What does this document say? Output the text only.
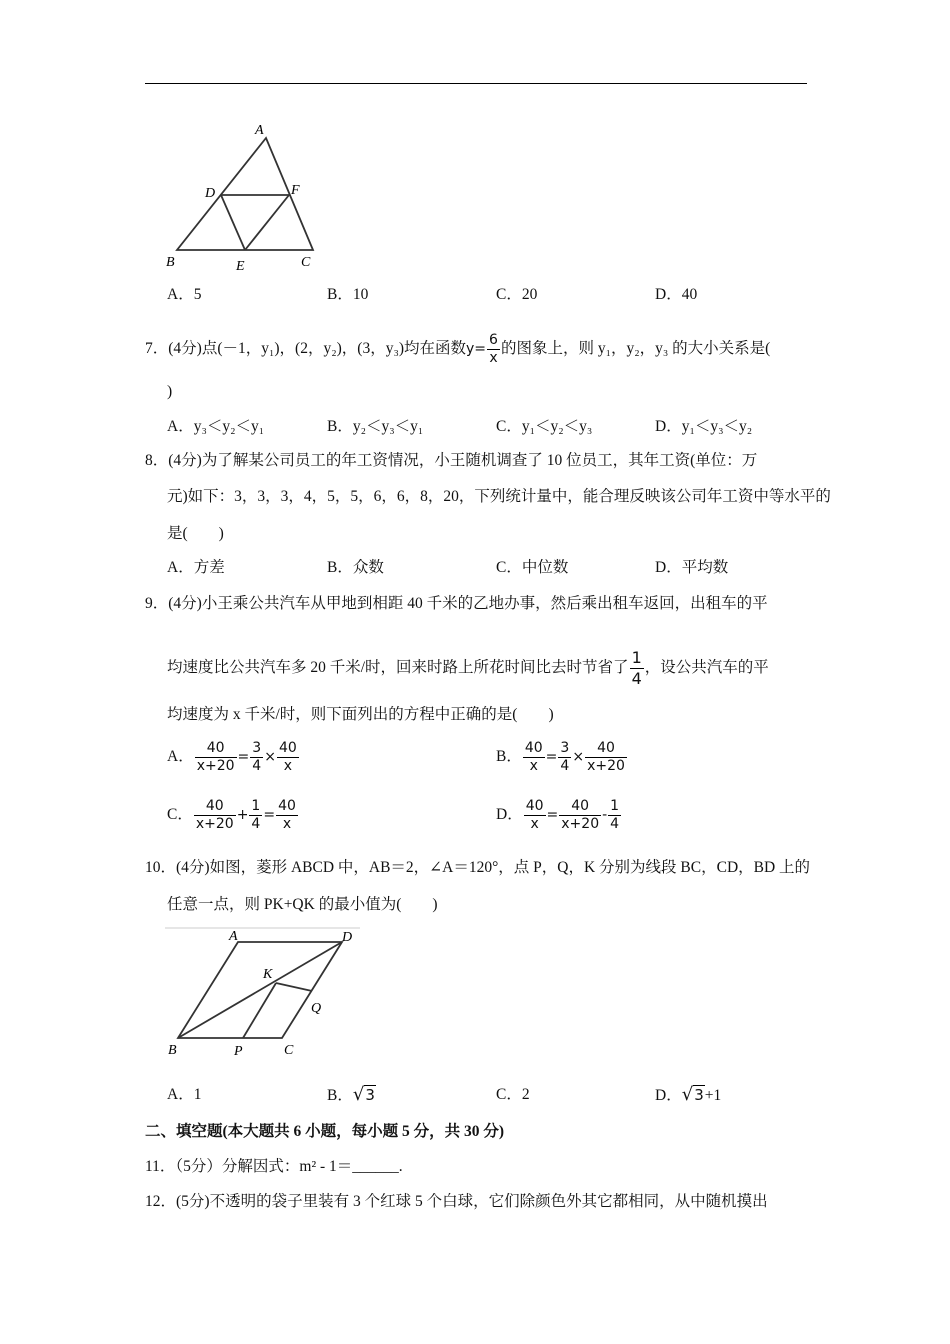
A
D	F
B	E	C
A．5	B．10	C．20	D．40
7．(4分)点(－1，y₁)，(2，y₂)，(3，y₃)均在函数$y= \frac{6}{x}$ 的图象上，则 y₁，y₂，y₃ 的大小关系是(
)
A．y₃＜y₂＜y₁	B．y₂＜y₃＜y₁	C．y₁＜y₂＜y₃	D．y₁＜y₃＜y₂
8．(4分)为了解某公司员工的年工资情况，小王随机调查了 10 位员工，其年工资(单位：万
元)如下：3，3，3，4，5，5，6，6，8，20，下列统计量中，能合理反映该公司年工资中等水平的
是(　　)
A．方差	B．众数	C．中位数	D．平均数
9．(4分)小王乘公共汽车从甲地到相距 40 千米的乙地办事，然后乘出租车返回，出租车的平
均速度比公共汽车多 20 千米/时，回来时路上所花时间比去时节省了 $\frac{1}{4}$ ，设公共汽车的平
均速度为 x 千米/时，则下面列出的方程中正确的是(　　)
A． $\frac{40}{x+20} = \frac{3}{4} \times \frac{40}{x}$	B． $\frac{40}{x} = \frac{3}{4} \times \frac{40}{x+20}$
C． $\frac{40}{x+20} + \frac{1}{4} = \frac{40}{x}$	D． $\frac{40}{x} = \frac{40}{x+20} - \frac{1}{4}$
10．(4分)如图，菱形 ABCD 中，AB＝2，∠A＝120°，点 P，Q，K 分别为线段 BC，CD，BD 上的
任意一点，则 PK+QK 的最小值为(　　)
A	D
K
Q
B	P	C
A．1	B．√3	C．2	D．√3+1
二、填空题(本大题共 6 小题，每小题 5 分，共 30 分)
11．（5分）分解因式：m² - 1＝______.
12．(5分)不透明的袋子里装有 3 个红球 5 个白球，它们除颜色外其它都相同，从中随机摸出
